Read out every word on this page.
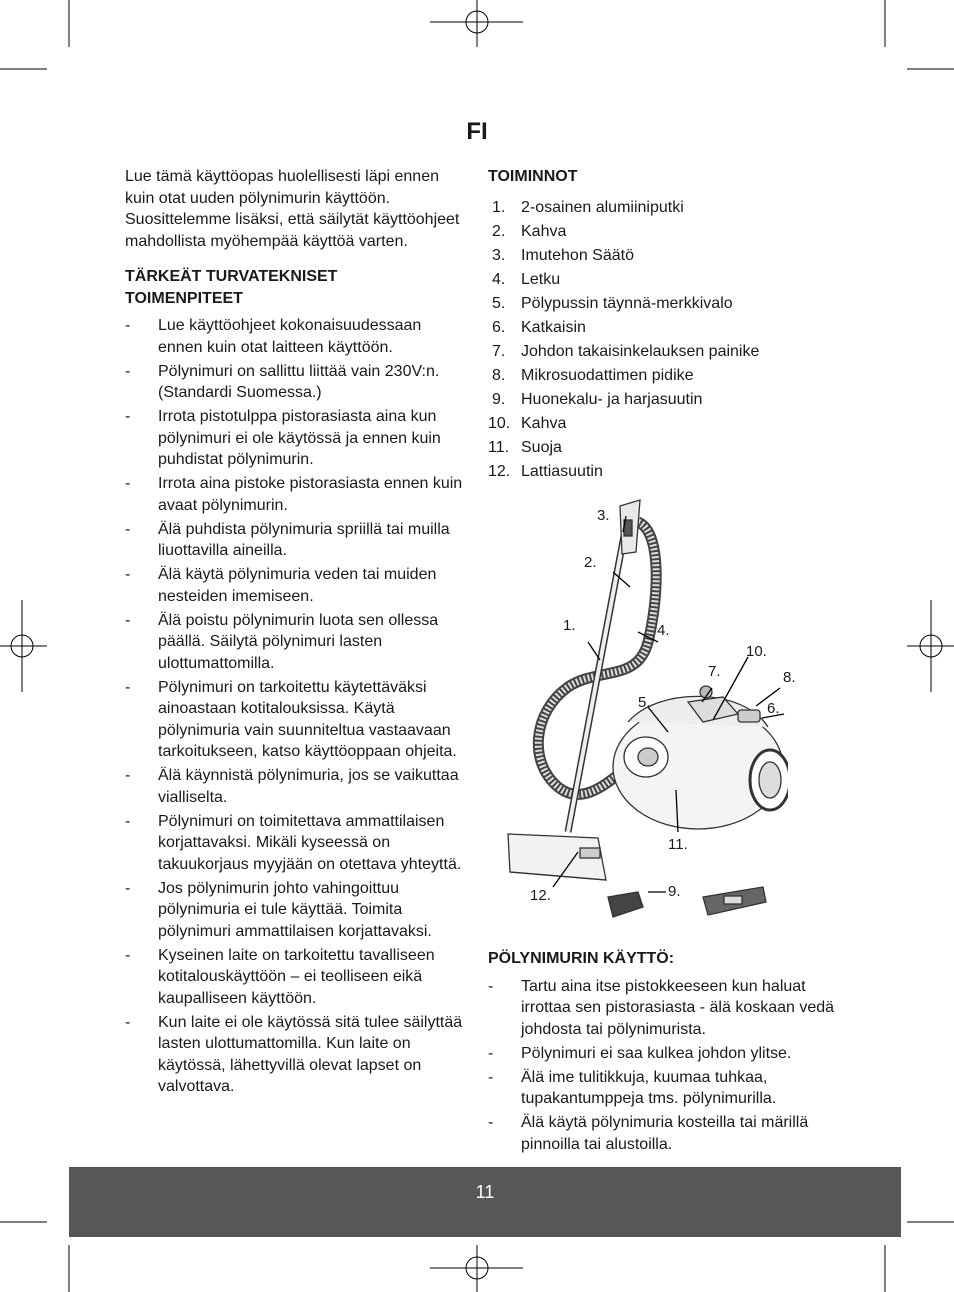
FI

Lue tämä käyttöopas huolellisesti läpi ennen kuin otat uuden pölynimurin käyttöön. Suosittelemme lisäksi, että säilytät käyttöohjeet mahdollista myöhempää käyttöä varten.

TÄRKEÄT TURVATEKNISET
TOIMENPITEET

- Lue käyttöohjeet kokonaisuudessaan ennen kuin otat laitteen käyttöön.
- Pölynimuri on sallittu liittää vain 230V:n. (Standardi Suomessa.)
- Irrota pistotulppa pistorasiasta aina kun pölynimuri ei ole käytössä ja ennen kuin puhdistat pölynimurin.
- Irrota aina pistoke pistorasiasta ennen kuin avaat pölynimurin.
- Älä puhdista pölynimuria spriillä tai muilla liuottavilla aineilla.
- Älä käytä pölynimuria veden tai muiden nesteiden imemiseen.
- Älä poistu pölynimurin luota sen ollessa päällä. Säilytä pölynimuri lasten ulottumattomilla.
- Pölynimuri on tarkoitettu käytettäväksi ainoastaan kotitalouksissa. Käytä pölynimuria vain suunniteltua vastaavaan tarkoitukseen, katso käyttöoppaan ohjeita.
- Älä käynnistä pölynimuria, jos se vaikuttaa vialliselta.
- Pölynimuri on toimitettava ammattilaisen korjattavaksi. Mikäli kyseessä on takuukorjaus myyjään on otettava yhteyttä.
- Jos pölynimurin johto vahingoittuu pölynimuria ei tule käyttää. Toimita pölynimuri ammattilaisen korjattavaksi.
- Kyseinen laite on tarkoitettu tavalliseen kotitalouskäyttöön – ei teolliseen eikä kaupalliseen käyttöön.
- Kun laite ei ole käytössä sitä tulee säilyttää lasten ulottumattomilla. Kun laite on käytössä, lähettyvillä olevat lapset on valvottava.

TOIMINNOT

1. 2-osainen alumiiniputki
2. Kahva
3. Imutehon Säätö
4. Letku
5. Pölypussin täynnä-merkkivalo
6. Katkaisin
7. Johdon takaisinkelauksen painike
8. Mikrosuodattimen pidike
9. Huonekalu- ja harjasuutin
10. Kahva
11. Suoja
12. Lattiasuutin
3.
2.
1.	4.
10.
7.	8.
5.	6.
11.
9.
12.

PÖLYNIMURIN KÄYTTÖ:

- Tartu aina itse pistokkeeseen kun haluat irrottaa sen pistorasiasta - älä koskaan vedä johdosta tai pölynimurista.
- Pölynimuri ei saa kulkea johdon ylitse.
- Älä ime tulitikkuja, kuumaa tuhkaa, tupakantumppeja tms. pölynimurilla.
- Älä käytä pölynimuria kosteilla tai märillä pinnoilla tai alustoilla.
11
